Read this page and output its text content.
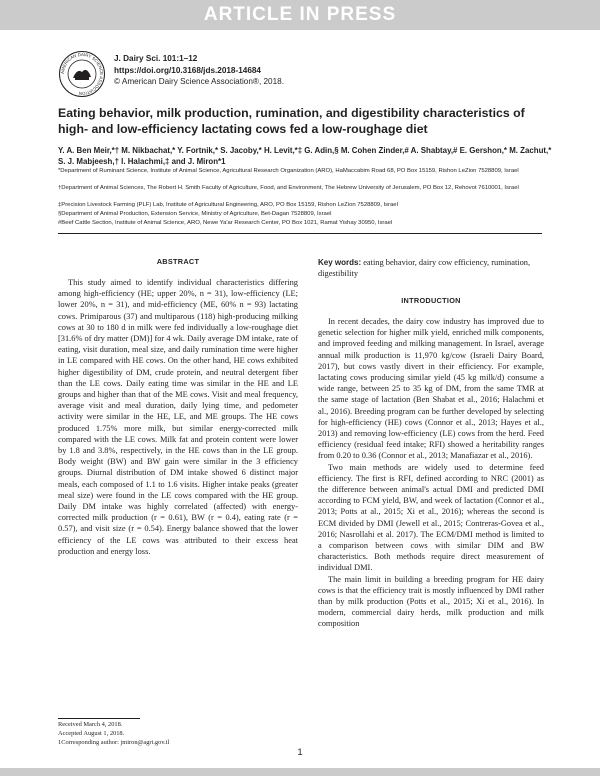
ARTICLE IN PRESS
AMERICAN DAIRY SCIENCE ASSOCIATION
J. Dairy Sci. 101:1–12
https://doi.org/10.3168/jds.2018-14684
© American Dairy Science Association®, 2018.
Eating behavior, milk production, rumination, and digestibility characteristics of high- and low-efficiency lactating cows fed a low-roughage diet
Y. A. Ben Meir,*† M. Nikbachat,* Y. Fortnik,* S. Jacoby,* H. Levit,*‡ G. Adin,§ M. Cohen Zinder,# A. Shabtay,# E. Gershon,* M. Zachut,* S. J. Mabjeesh,† I. Halachmi,‡ and J. Miron*1
*Department of Ruminant Science, Institute of Animal Science, Agricultural Research Organization (ARO), HaMaccabim Road 68, PO Box 15159, Rishon LeZion 7528809, Israel
†Department of Animal Sciences, The Robert H. Smith Faculty of Agriculture, Food, and Environment, The Hebrew University of Jerusalem, PO Box 12, Rehovot 7610001, Israel
‡Precision Livestock Farming (PLF) Lab, Institute of Agricultural Engineering, ARO, PO Box 15159, Rishon LeZion 7528809, Israel
§Department of Animal Production, Extension Service, Ministry of Agriculture, Bet-Dagan 7528809, Israel
#Beef Cattle Section, Institute of Animal Science, ARO, Newe Ya'ar Research Center, PO Box 1021, Ramat Yishay 30950, Israel
ABSTRACT

This study aimed to identify individual characteristics differing among high-efficiency (HE; upper 20%, n = 31), low-efficiency (LE; lower 20%, n = 31), and mid-efficiency (ME, 60% n = 93) lactating cows. Primiparous (37) and multiparous (118) high-producing milking cows at 30 to 180 d in milk were fed individually a low-roughage diet [31.6% of dry matter (DM)] for 4 wk. Daily average DM intake, rate of eating, visit duration, meal size, and daily rumination time were higher in LE compared with HE cows. On the other hand, HE cows exhibited higher digestibility of DM, crude protein, and neutral detergent fiber than the LE cows. Daily eating time was similar in the HE and LE groups and higher than that of the ME cows. Visit and meal frequency, average visit and meal duration, daily lying time, and pedometer activity were similar in the HE, LE, and ME groups. The HE cows produced 1.75% more milk, but similar energy-corrected milk compared with the LE cows. Milk fat and protein content were lower by 1.8 and 3.8%, respectively, in the HE cows than in the LE group. Body weight (BW) and BW gain were similar in the 3 efficiency groups. Diurnal distribution of DM intake showed 6 distinct major meals, each composed of 1.1 to 1.6 visits. Higher intake peaks (greater meal size) were found in the LE cows compared with the HE group. Daily DM intake was highly correlated (affected) with energy-corrected milk production (r = 0.61), BW (r = 0.4), eating rate (r = 0.57), and visit size (r = 0.54). Energy balance showed that the lower efficiency of the LE cows was attributed to their excess heat production and energy loss.

Key words: eating behavior, dairy cow efficiency, rumination, digestibility
INTRODUCTION

In recent decades, the dairy cow industry has improved due to genetic selection for higher milk yield, enriched milk components, and improved feeding and milking management. In Israel, average annual milk production is 11,970 kg/cow (Israeli Dairy Board, 2017), but cows vastly divert in their efficiency. For example, lactating cows producing similar yield (45 kg milk/d) consume a wide range, between 25 to 35 kg of DM, from the same TMR at the same stage of lactation (Ben Shabat et al., 2016; Halachmi et al., 2016). Breeding program can be further developed by selecting for high-efficiency (HE) cows (Connor et al., 2013; Hayes et al., 2013) and removing low-efficiency (LE) cows from the herd. Feed efficiency (residual feed intake; RFI) showed a heritability ranges from 0.20 to 0.36 (Connor et al., 2013; Manafiazar et al., 2016).

Two main methods are widely used to determine feed efficiency. The first is RFI, defined according to NRC (2001) as the difference between animal's actual DMI and predicted DMI according to FCM yield, BW, and week of lactation (Connor et al., 2013; Potts at al., 2015; Xi et al., 2016); whereas the second is ECM divided by DMI (Jewell et al., 2015; Contreras-Govea et al., 2016; Nasrollahi et al. 2017). The ECM/DMI method is limited to a comparison between cows with similar DIM and BW characteristics. Both methods require direct measurement of individual DMI.

The main limit in building a breeding program for HE dairy cows is that the efficiency trait is mostly influenced by DMI rather than by milk production (Potts et al., 2015; Xi et al., 2016). In modern, commercial dairy herds, milk production and milk composition

Received March 4, 2018.
Accepted August 1, 2018.
1Corresponding author: jmiron@agri.gov.il
1
